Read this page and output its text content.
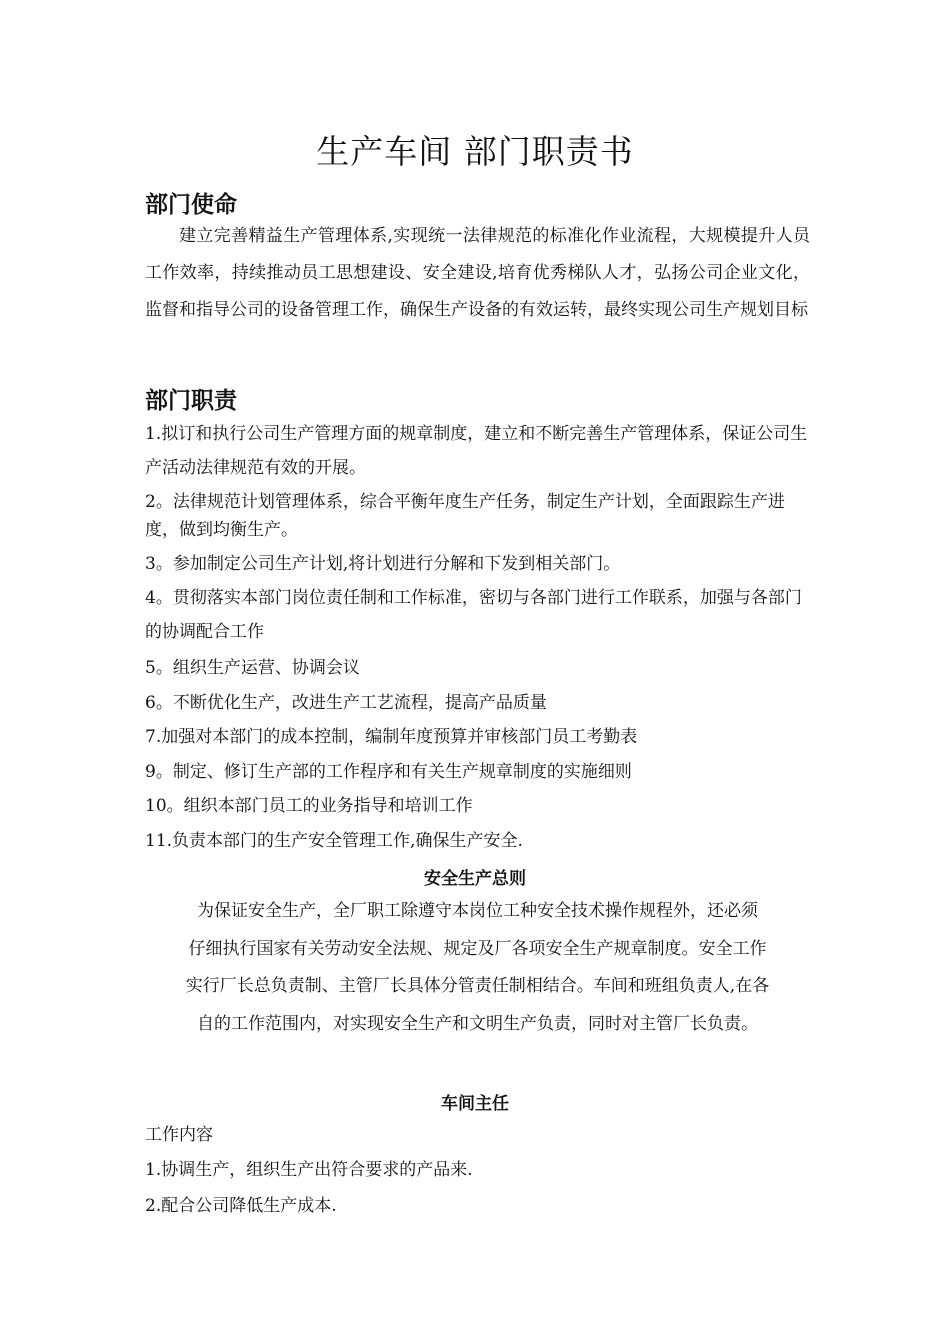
生产车间 部门职责书
部门使命

建立完善精益生产管理体系,实现统一法律规范的标准化作业流程，大规模提升人员工作效率，持续推动员工思想建设、安全建设,培育优秀梯队人才，弘扬公司企业文化，监督和指导公司的设备管理工作，确保生产设备的有效运转，最终实现公司生产规划目标

部门职责

1.拟订和执行公司生产管理方面的规章制度，建立和不断完善生产管理体系，保证公司生产活动法律规范有效的开展。

2。法律规范计划管理体系，综合平衡年度生产任务，制定生产计划，全面跟踪生产进度，做到均衡生产。

3。参加制定公司生产计划,将计划进行分解和下发到相关部门。

4。贯彻落实本部门岗位责任制和工作标准，密切与各部门进行工作联系，加强与各部门的协调配合工作

5。组织生产运营、协调会议

6。不断优化生产，改进生产工艺流程，提高产品质量

7.加强对本部门的成本控制，编制年度预算并审核部门员工考勤表

9。制定、修订生产部的工作程序和有关生产规章制度的实施细则

10。组织本部门员工的业务指导和培训工作

11.负责本部门的生产安全管理工作,确保生产安全.

安全生产总则
为保证安全生产，全厂职工除遵守本岗位工种安全技术操作规程外，还必须
仔细执行国家有关劳动安全法规、规定及厂各项安全生产规章制度。安全工作
实行厂长总负责制、主管厂长具体分管责任制相结合。车间和班组负责人,在各
自的工作范围内，对实现安全生产和文明生产负责，同时对主管厂长负责。
车间主任

工作内容

1.协调生产，组织生产出符合要求的产品来.

2.配合公司降低生产成本.
